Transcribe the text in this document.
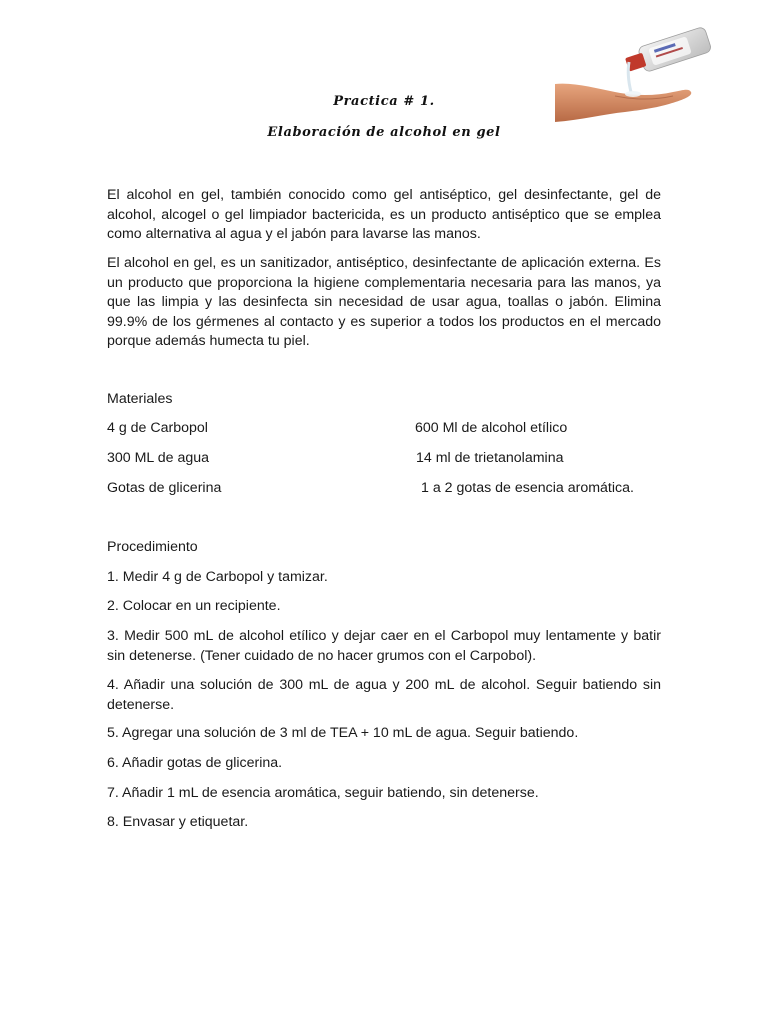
Practica # 1.
Elaboración de alcohol en gel

El alcohol en gel, también conocido como gel antiséptico, gel desinfectante, gel de alcohol, alcogel o gel limpiador bactericida, es un producto antiséptico que se emplea como alternativa al agua y el jabón para lavarse las manos.

El alcohol en gel, es un sanitizador, antiséptico, desinfectante de aplicación externa. Es un producto que proporciona la higiene complementaria necesaria para las manos, ya que las limpia y las desinfecta sin necesidad de usar agua, toallas o jabón. Elimina 99.9% de los gérmenes al contacto y es superior a todos los productos en el mercado porque además humecta tu piel.

Materiales
4 g de Carbopol	600 Ml de alcohol etílico
300 ML de agua	14 ml de trietanolamina
Gotas de glicerina	1 a 2 gotas de esencia aromática.
Procedimiento
1. Medir 4 g de Carbopol y tamizar.
2. Colocar en un recipiente.
3. Medir 500 mL de alcohol etílico y dejar caer en el Carbopol muy lentamente y batir sin detenerse. (Tener cuidado de no hacer grumos con el Carpobol).
4. Añadir una solución de 300 mL de agua y 200 mL de alcohol. Seguir batiendo sin detenerse.
5. Agregar una solución de 3 ml de TEA + 10 mL de agua. Seguir batiendo.
6. Añadir gotas de glicerina.
7. Añadir 1 mL de esencia aromática, seguir batiendo, sin detenerse.
8. Envasar y etiquetar.
